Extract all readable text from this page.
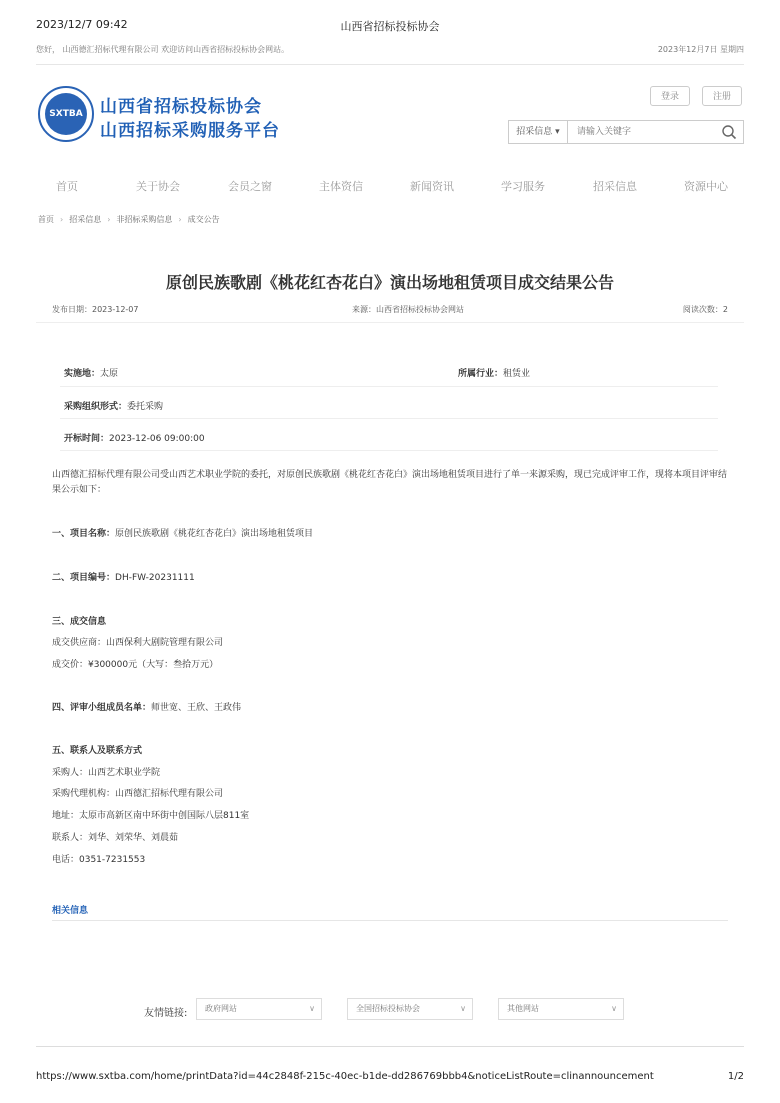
2023/12/7 09:42	山西省招标投标协会
您好， 山西德汇招标代理有限公司 欢迎访问山西省招标投标协会网站。	2023年12月7日 星期四
SXTBA 山西省招标投标协会
山西招标采购服务平台
登录	注册
招采信息 ▾
请输入关键字
首页	关于协会	会员之窗	主体资信	新闻资讯	学习服务	招采信息	资源中心
首页 › 招采信息 › 非招标采购信息 › 成交公告
原创民族歌剧《桃花红杏花白》演出场地租赁项目成交结果公告
发布日期：2023-12-07	来源：山西省招标投标协会网站	阅读次数：2
实施地：太原	所属行业：租赁业
采购组织形式：委托采购
开标时间：2023-12-06 09:00:00
山西德汇招标代理有限公司受山西艺术职业学院的委托，对原创民族歌剧《桃花红杏花白》演出场地租赁项目进行了单一来源采购，现已完成评审工作，现将本项目评审结果公示如下：
一、项目名称：原创民族歌剧《桃花红杏花白》演出场地租赁项目
二、项目编号：DH-FW-20231111
三、成交信息
成交供应商：山西保利大剧院管理有限公司
成交价：¥300000元（大写：叁拾万元）
四、评审小组成员名单：师世宽、王欣、王政伟
五、联系人及联系方式
采购人：山西艺术职业学院
采购代理机构：山西德汇招标代理有限公司
地址：太原市高新区南中环街中创国际八层811室
联系人：刘华、刘荣华、刘晨茹
电话：0351-7231553
相关信息
友情链接:	政府网站	∨	全国招标投标协会	∨	其他网站	∨
https://www.sxtba.com/home/printData?id=44c2848f-215c-40ec-b1de-dd286769bbb4&noticeListRoute=clinannouncement	1/2
